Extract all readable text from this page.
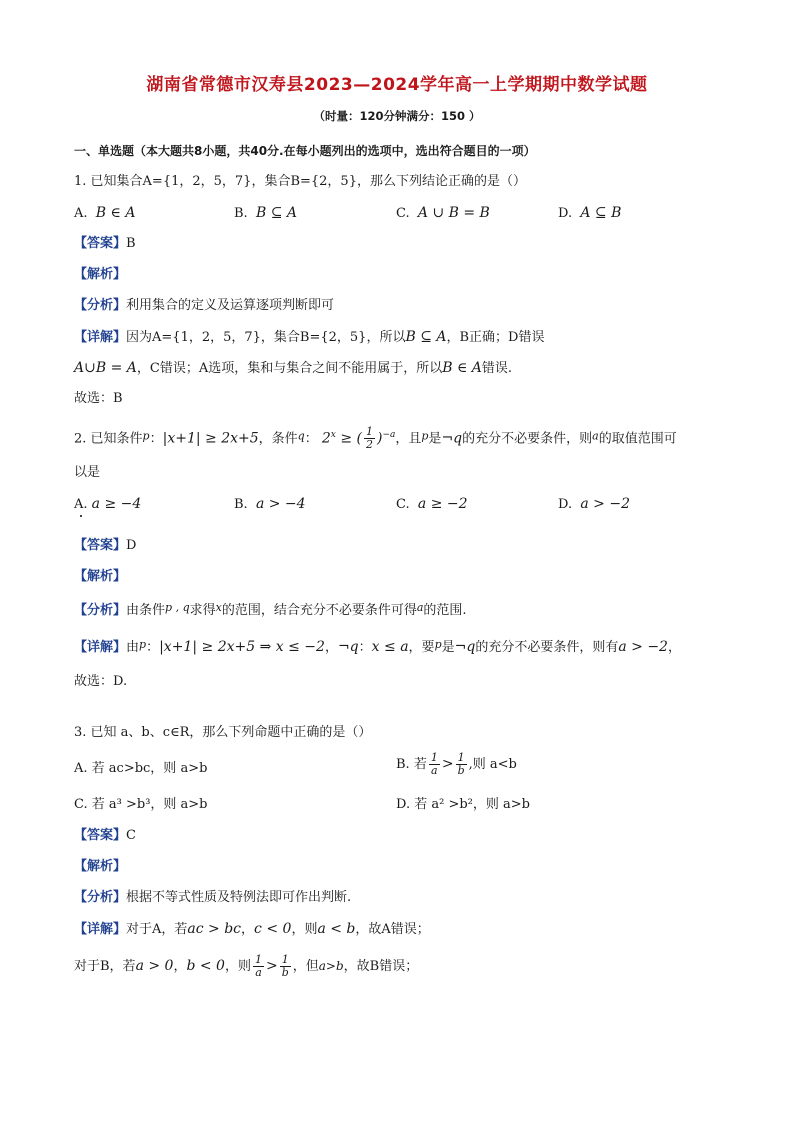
湖南省常德市汉寿县2023—2024学年高一上学期期中数学试题
（时量：120分钟满分：150 ）
一、单选题（本大题共8小题，共40分.在每小题列出的选项中，选出符合题目的一项）
1. 已知集合A={1，2，5，7}，集合B={2，5}，那么下列结论正确的是（）
A. B ∈ A	B. B ⊆ A	C. A ∪ B = B	D. A ⊆ B
【答案】B
【解析】
【分析】利用集合的定义及运算逐项判断即可
【详解】因为A={1，2，5，7}，集合B={2，5}，所以B ⊆ A，B正确；D错误
A∪B = A，C错误；A选项，集和与集合之间不能用属于，所以B ∈ A错误.
故选：B
2. 已知条件$^p$：|x+1| ≥ 2x+5，条件$^q$： $2^x$ ≥ ( $\frac{1}{2} )^{-a}$，且$^p$是¬q的充分不必要条件，则$^a$的取值范围可
以是
A. a ≥ −4	B. a > −4	C. a ≥ −2	D. a > −2
【答案】D
【解析】
【分析】由条件$^{p , q}$求得$^x$的范围，结合充分不必要条件可得$^a$的范围.
【详解】由$^p$：|x+1| ≥ 2x+5 ⇒ x ≤ −2，¬q：x ≤ a，要$^p$是¬q的充分不必要条件，则有a > −2，
故选：D.
3. 已知 a、b、c∈R，那么下列命题中正确的是（）
A. 若 ac>bc，则 a>b	B. 若 $\frac{1}{a} > \frac{1}{b}$ ,则 a<b
C. 若 a³ >b³，则 a>b	D. 若 a² >b²，则 a>b
【答案】C
【解析】
【分析】根据不等式性质及特例法即可作出判断.
【详解】对于A，若ac > bc，c < 0，则a < b，故A错误；
对于B，若a > 0，b < 0，则 $\frac{1}{a} > \frac{1}{b}$ ，但a>b，故B错误；
